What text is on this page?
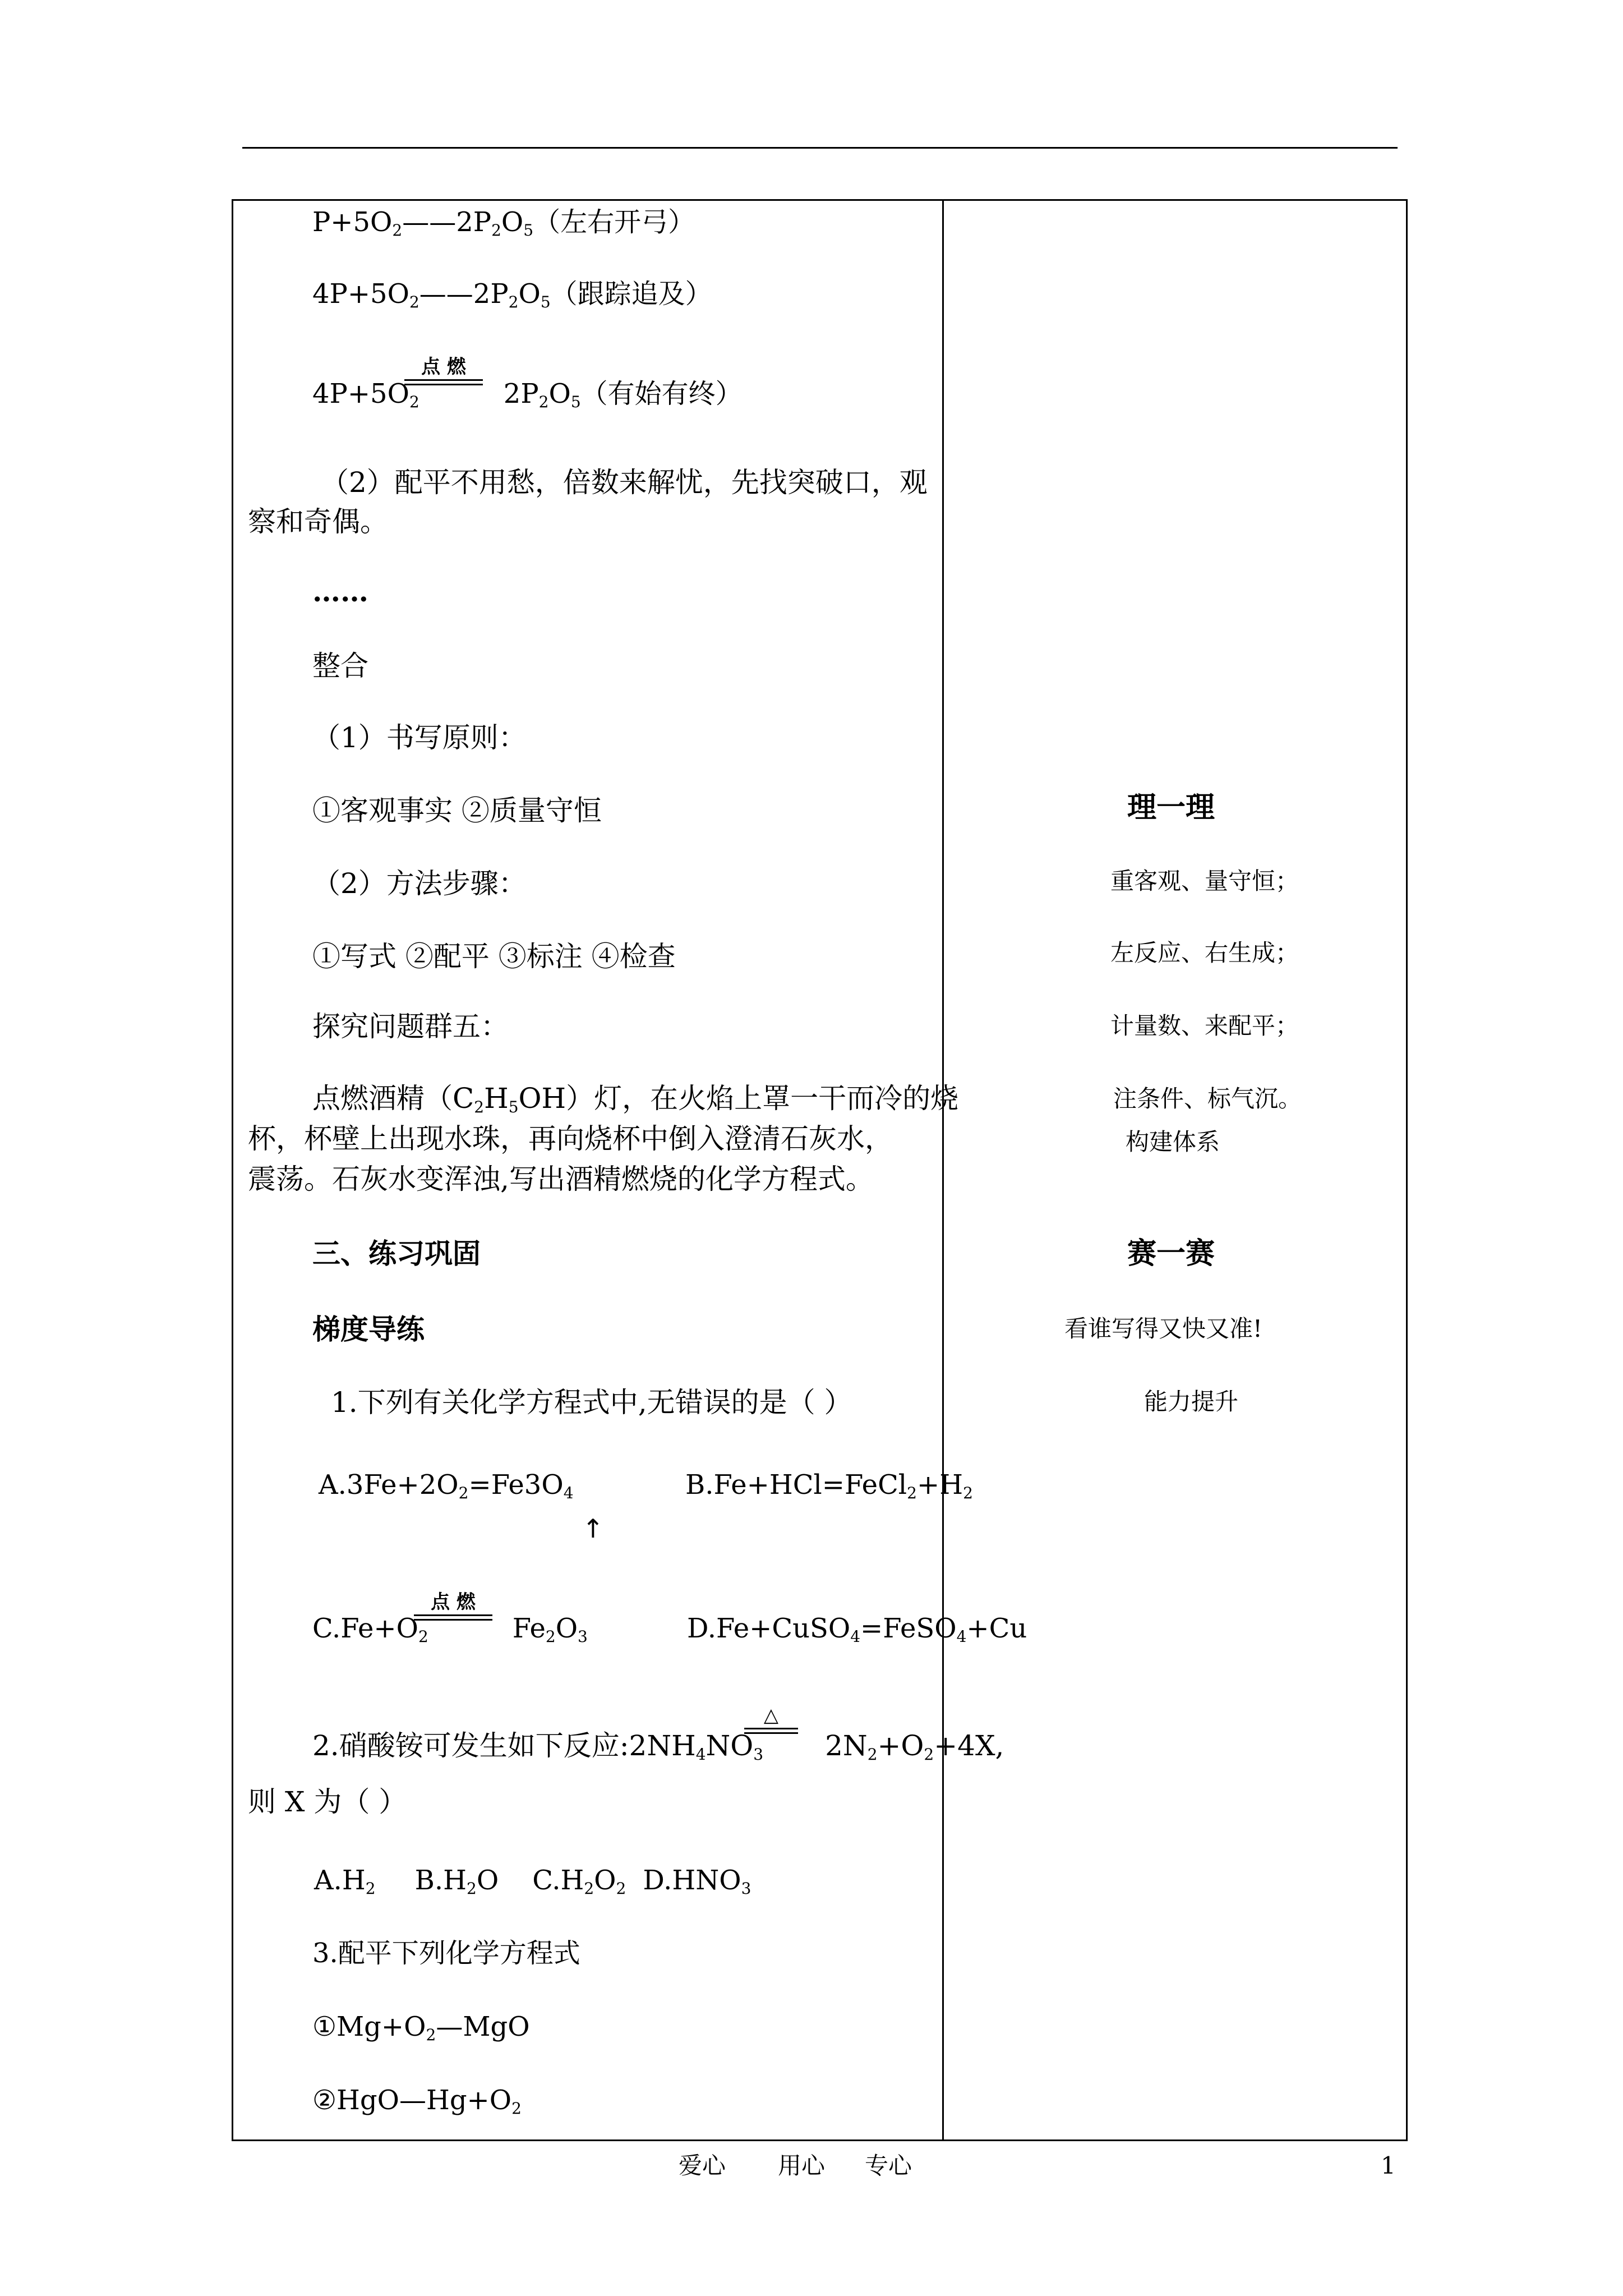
$P+5O_2——2P_2O_5$（左右开弓）
$4P+5O_2——2P_2O_5$（跟踪追及）
$4P+5O_2$	$2P_2O_5$（有始有终）
点 燃
（2）配平不用愁，倍数来解忧，先找突破口，观
察和奇偶。
……
整合
（1）书写原则：
①客观事实 ②质量守恒
（2）方法步骤：
①写式 ②配平 ③标注 ④检查
探究问题群五：
点燃酒精$(C_2H_5OH)$灯，在火焰上罩一干而冷的烧
杯，杯壁上出现水珠，再向烧杯中倒入澄清石灰水，
震荡。石灰水变浑浊,写出酒精燃烧的化学方程式。
三、练习巩固
梯度导练
1.下列有关化学方程式中,无错误的是（ ）
$A.3Fe+2O_2=Fe3O_4$	$B.Fe+HCl=FeCl_2+H_2$
↑
$C.Fe+O_2$	$Fe_2O_3$
点 燃
D.Fe+CuSO$_4$=FeSO$_4$+Cu
2.硝酸铵可发生如下反应$:2NH_4NO_3$ $2N_2+O_2+4X$,
△
则 X 为（ ）
$A.H_2$ $B.H_2O$ $C.H_2O_2$ $D.HNO_3$
3.配平下列化学方程式
$①Mg+O_2—MgO$
$②HgO—Hg+O_2$
理一理
重客观、量守恒；
左反应、右生成；
计量数、来配平；
注条件、标气沉。
构建体系
赛一赛
看谁写得又快又准!
能力提升
爱心 用心 专心	1
